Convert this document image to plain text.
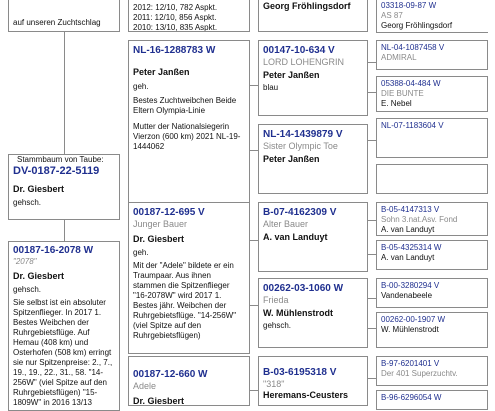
auf unseren Zuchtschlag

Stammbaum von Taube:

DV-0187-22-5119

Dr. Giesbert

gehsch.

00187-16-2078 W

"2078"

Dr. Giesbert

gehsch.

Sie selbst ist ein absoluter Spitzenflieger. In 2017 1. Bestes Weibchen der Ruhrgebietsflüge. Auf Hemau (408 km) und Osterhofen (508 km) erringt sie nur Spitzenpreise: 2., 7., 19., 19., 22., 31., 58. "14-256W" (viel Spitze auf den Ruhrgebietsflügen) "15-1809W" in 2016 13/13

2012: 12/10, 782 Aspkt.

2011: 12/10, 856 Aspkt.

2010: 13/10, 835 Aspkt.

NL-16-1288783 W

Peter Janßen

geh.

Bestes Zuchtweibchen Beide Eltern Olympia-Linie

Mutter der Nationalsiegerin Vierzon (600 km) 2021 NL-19-1444062

00187-12-695 V

Junger Bauer

Dr. Giesbert

geh.

Mit der "Adele" bildete er ein Traumpaar. Aus ihnen stammen die Spitzenflieger "16-2078W" wird 2017 1. Bestes jähr. Weibchen der Ruhrgebietsflüge. "14-256W" (viel Spitze auf den Ruhrgebietsflügen)

00187-12-660 W

Adele

Dr. Giesbert

Georg Fröhlingsdorf

00147-10-634 V

LORD LOHENGRIN

Peter Janßen

blau

NL-14-1439879 V

Sister Olympic Toe

Peter Janßen

B-07-4162309 V

Alter Bauer

A. van Landuyt

00262-03-1060 W

Frieda

W. Mühlenstrodt

gehsch.

B-03-6195318 V

"318"

Heremans-Ceusters

03318-09-87 W

AS 87

Georg Fröhlingsdorf

NL-04-1087458 V

ADMIRAL

05388-04-484 W

DIE BUNTE

E. Nebel

NL-07-1183604 V

B-05-4147313 V

Sohn 3.nat.Asv. Fond

A. van Landuyt

B-05-4325314 W

A. van Landuyt

B-00-3280294 V

Vandenabeele

00262-00-1907 W

W. Mühlenstrodt

B-97-6201401 V

Der 401 Superzuchtv.

B-96-6296054 W
